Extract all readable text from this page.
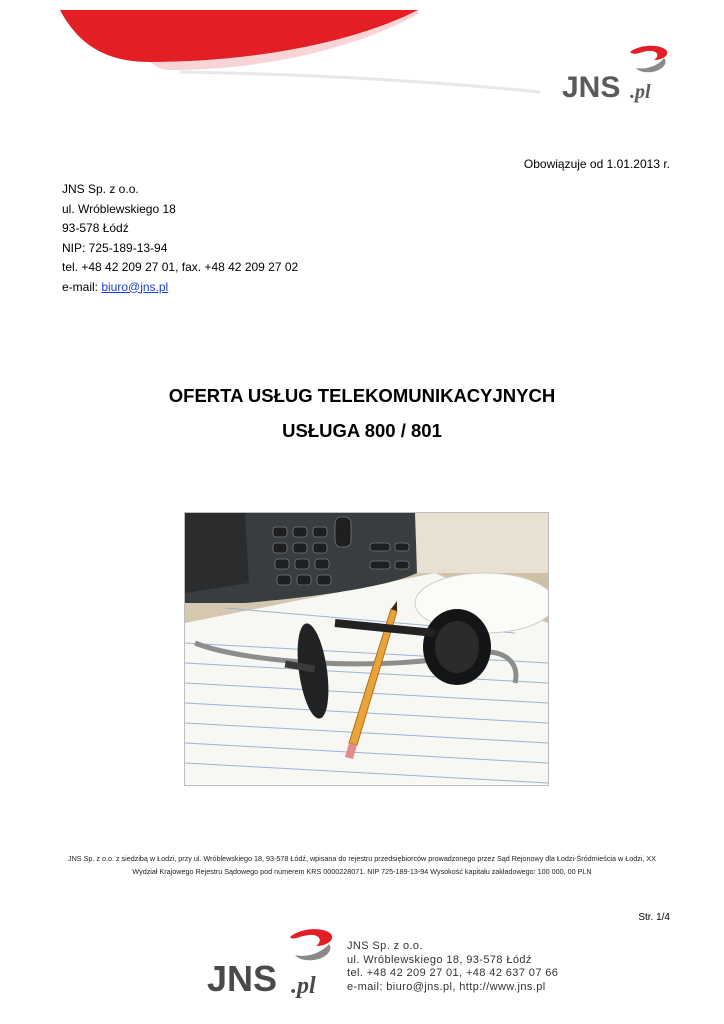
JNS .pl
Obowiązuje od 1.01.2013 r.
JNS Sp. z o.o.
ul. Wróblewskiego 18
93-578 Łódź
NIP: 725-189-13-94
tel. +48 42 209 27 01, fax. +48 42 209 27 02
e-mail: biuro@jns.pl
OFERTA USŁUG TELEKOMUNIKACYJNYCH
USŁUGA 800 / 801
JNS Sp. z o.o. z siedzibą w Łodzi, przy ul. Wróblewskiego 18, 93-578 Łódź, wpisana do rejestru przedsiębiorców prowadzonego przez Sąd Rejonowy dla Łodzi-Śródmieścia w Łodzi, XX
Wydział Krajowego Rejestru Sądowego pod numerem KRS 0000228071. NIP 725-189-13-94 Wysokość kapitału zakładowego: 100 000, 00 PLN
Str. 1/4
JNS .pl
JNS Sp. z o.o.
ul. Wróblewskiego 18, 93-578 Łódź
tel. +48 42 209 27 01, +48 42 637 07 66
e-mail: biuro@jns.pl, http://www.jns.pl
